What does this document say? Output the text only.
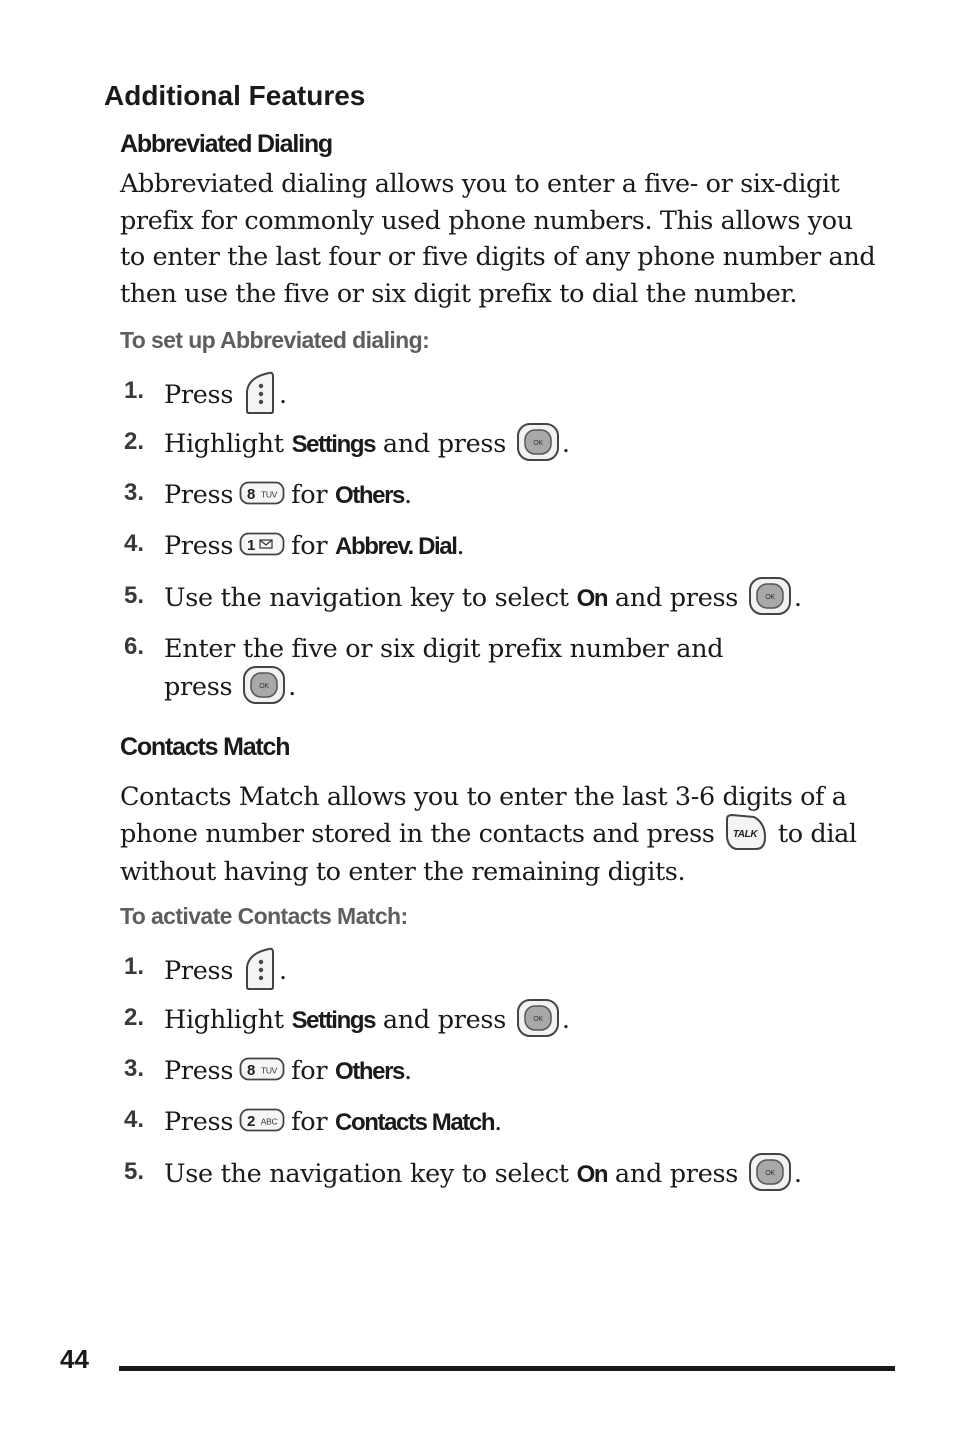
Additional Features
Abbreviated Dialing

Abbreviated dialing allows you to enter a five- or six-digit prefix for commonly used phone numbers. This allows you to enter the last four or five digits of any phone number and then use the five or six digit prefix to dial the number.

To set up Abbreviated dialing:

1. Press .
2. Highlight Settings and press	OK .
3. Press 8 TUV for Others.
4. Press 1 for Abbrev. Dial.
5. Use the navigation key to select On and press	OK .
6. Enter the five or six digit prefix number and
press	OK .
Contacts Match

Contacts Match allows you to enter the last 3-6 digits of a phone number stored in the contacts and press TALK to dial without having to enter the remaining digits.

To activate Contacts Match:

1. Press .
2. Highlight Settings and press	OK .
3. Press 8 TUV for Others.
4. Press 2 ABC for Contacts Match.
5. Use the navigation key to select On and press	OK .
44
